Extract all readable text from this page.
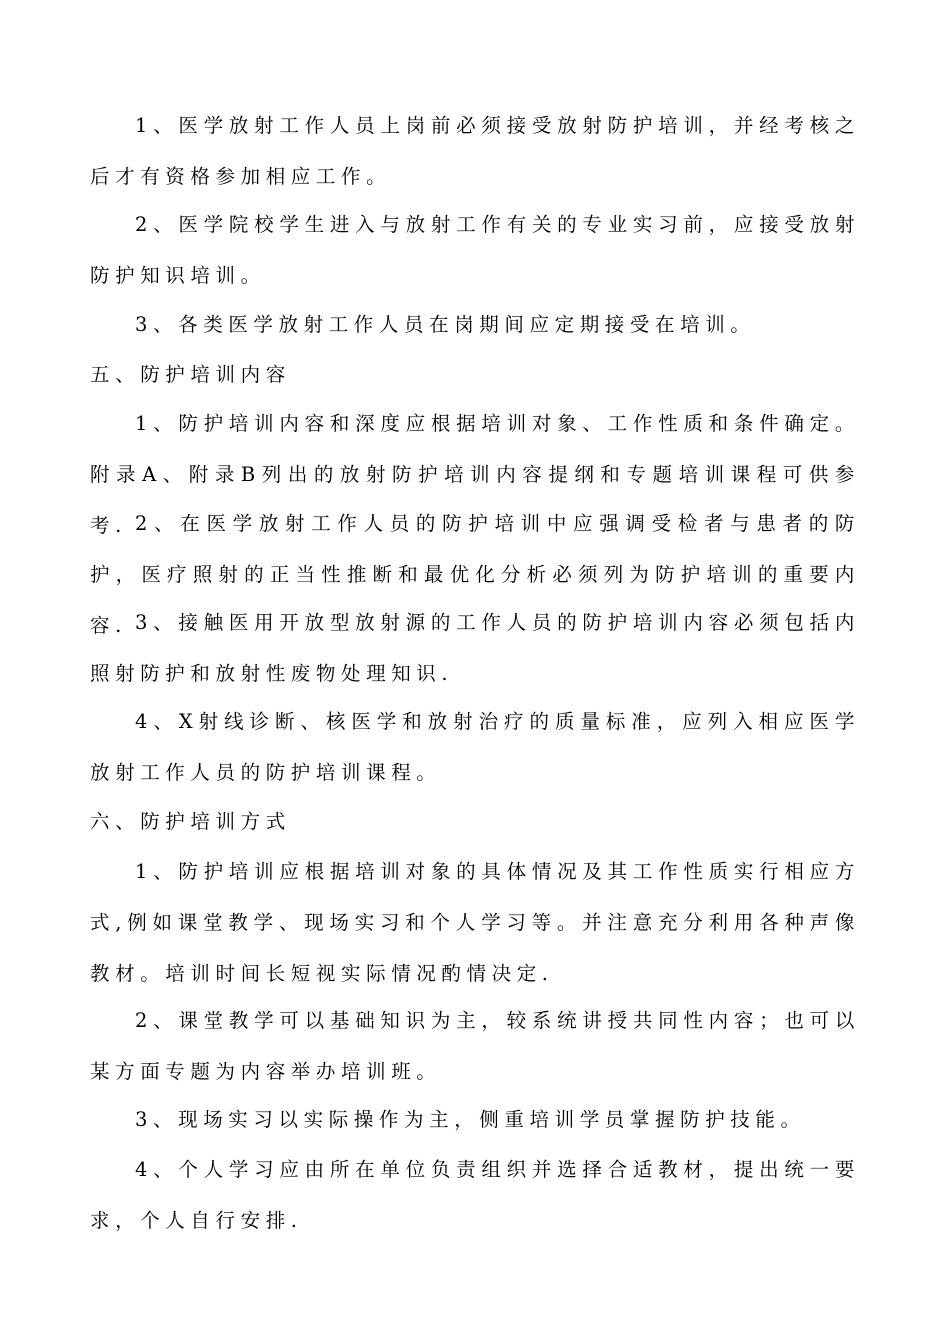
1、医学放射工作人员上岗前必须接受放射防护培训，并经考核之后才有资格参加相应工作。

2、医学院校学生进入与放射工作有关的专业实习前，应接受放射防护知识培训。

3、各类医学放射工作人员在岗期间应定期接受在培训。

五、防护培训内容

1、防护培训内容和深度应根据培训对象、工作性质和条件确定。附录A、附录B列出的放射防护培训内容提纲和专题培训课程可供参考. 2、在医学放射工作人员的防护培训中应强调受检者与患者的防护，医疗照射的正当性推断和最优化分析必须列为防护培训的重要内容. 3、接触医用开放型放射源的工作人员的防护培训内容必须包括内照射防护和放射性废物处理知识.

4、X射线诊断、核医学和放射治疗的质量标准，应列入相应医学放射工作人员的防护培训课程。

六、防护培训方式

1、防护培训应根据培训对象的具体情况及其工作性质实行相应方式,例如课堂教学、现场实习和个人学习等。并注意充分利用各种声像教材。培训时间长短视实际情况酌情决定.

2、课堂教学可以基础知识为主，较系统讲授共同性内容；也可以某方面专题为内容举办培训班。

3、现场实习以实际操作为主，侧重培训学员掌握防护技能。

4、个人学习应由所在单位负责组织并选择合适教材，提出统一要求，个人自行安排.
